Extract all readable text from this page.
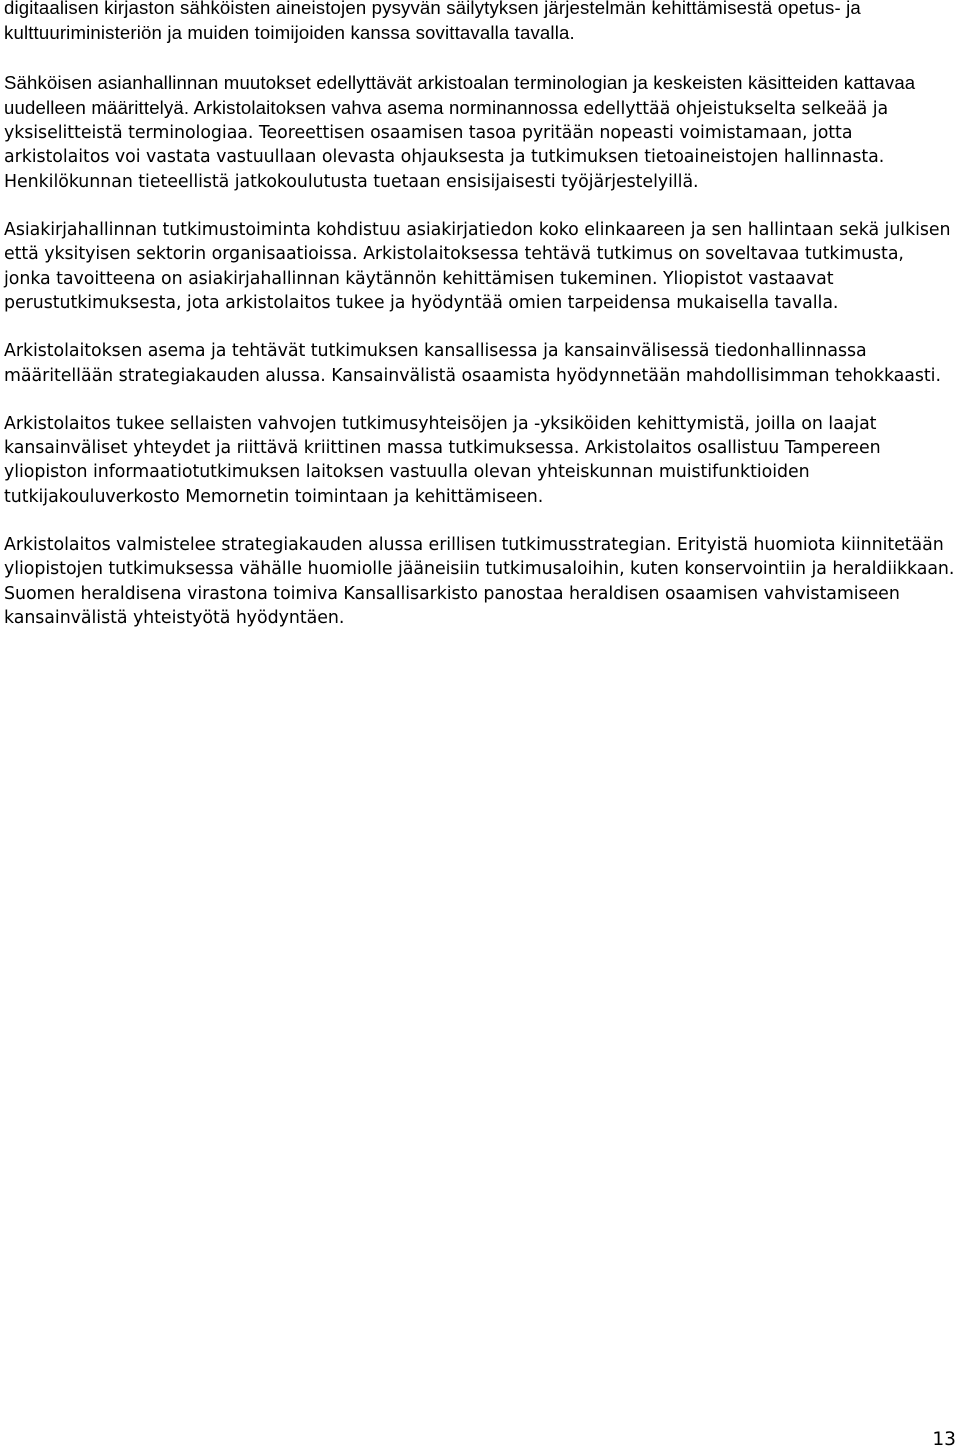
digitaalisen kirjaston sähköisten aineistojen pysyvän säilytyksen järjestelmän kehittämisestä opetus- ja kulttuuriministeriön ja muiden toimijoiden kanssa sovittavalla tavalla.

Sähköisen asianhallinnan muutokset edellyttävät arkistoalan terminologian ja keskeisten käsitteiden kattavaa uudelleen määrittelyä. Arkistolaitoksen vahva asema norminannossa edellyttää ohjeistukselta selkeää ja yksiselitteistä terminologiaa. Teoreettisen osaamisen tasoa pyritään nopeasti voimistamaan, jotta arkistolaitos voi vastata vastuullaan olevasta ohjauksesta ja tutkimuksen tietoaineistojen hallinnasta. Henkilökunnan tieteellistä jatkokoulutusta tuetaan ensisijaisesti työjärjestelyillä.

Asiakirjahallinnan tutkimustoiminta kohdistuu asiakirjatiedon koko elinkaareen ja sen hallintaan sekä julkisen että yksityisen sektorin organisaatioissa. Arkistolaitoksessa tehtävä tutkimus on soveltavaa tutkimusta, jonka tavoitteena on asiakirjahallinnan käytännön kehittämisen tukeminen. Yliopistot vastaavat perustutkimuksesta, jota arkistolaitos tukee ja hyödyntää omien tarpeidensa mukaisella tavalla.

Arkistolaitoksen asema ja tehtävät tutkimuksen kansallisessa ja kansainvälisessä tiedonhallinnassa määritellään strategiakauden alussa. Kansainvälistä osaamista hyödynnetään mahdollisimman tehokkaasti.

Arkistolaitos tukee sellaisten vahvojen tutkimusyhteisöjen ja -yksiköiden kehittymistä, joilla on laajat kansainväliset yhteydet ja riittävä kriittinen massa tutkimuksessa. Arkistolaitos osallistuu Tampereen yliopiston informaatiotutkimuksen laitoksen vastuulla olevan yhteiskunnan muistifunktioiden tutkijakouluverkosto Memornetin toimintaan ja kehittämiseen.

Arkistolaitos valmistelee strategiakauden alussa erillisen tutkimusstrategian. Erityistä huomiota kiinnitetään yliopistojen tutkimuksessa vähälle huomiolle jääneisiin tutkimusaloihin, kuten konservointiin ja heraldiikkaan. Suomen heraldisena virastona toimiva Kansallisarkisto panostaa heraldisen osaamisen vahvistamiseen kansainvälistä yhteistyötä hyödyntäen.

13
